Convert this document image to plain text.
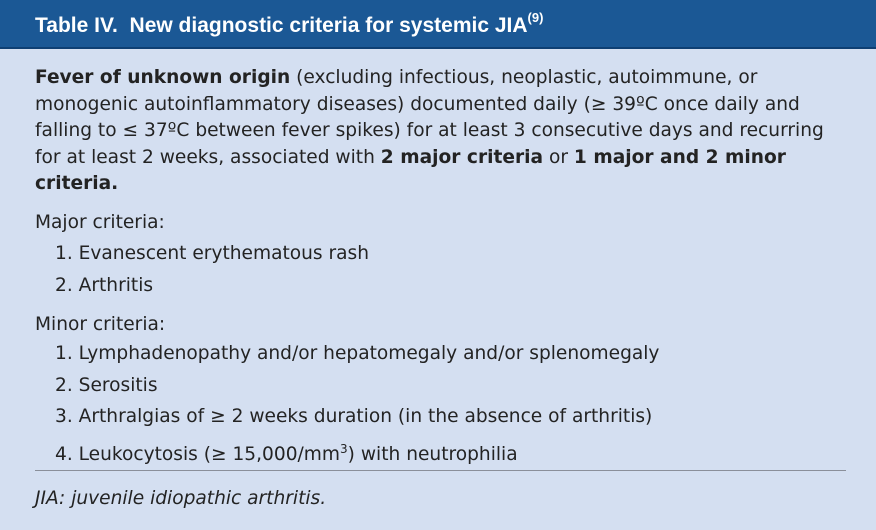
Table IV. New diagnostic criteria for systemic JIA$^{(9)}$

Fever of unknown origin (excluding infectious, neoplastic, autoimmune, or monogenic autoinflammatory diseases) documented daily (≥ 39ºC once daily and falling to ≤ 37ºC between fever spikes) for at least 3 consecutive days and recurring for at least 2 weeks, associated with 2 major criteria or 1 major and 2 minor criteria.

Major criteria:

1. Evanescent erythematous rash
2. Arthritis

Minor criteria:

1. Lymphadenopathy and/or hepatomegaly and/or splenomegaly
2. Serositis
3. Arthralgias of ≥ 2 weeks duration (in the absence of arthritis)
4. Leukocytosis (≥ $15,000/mm^3$) with neutrophilia

JIA: juvenile idiopathic arthritis.
